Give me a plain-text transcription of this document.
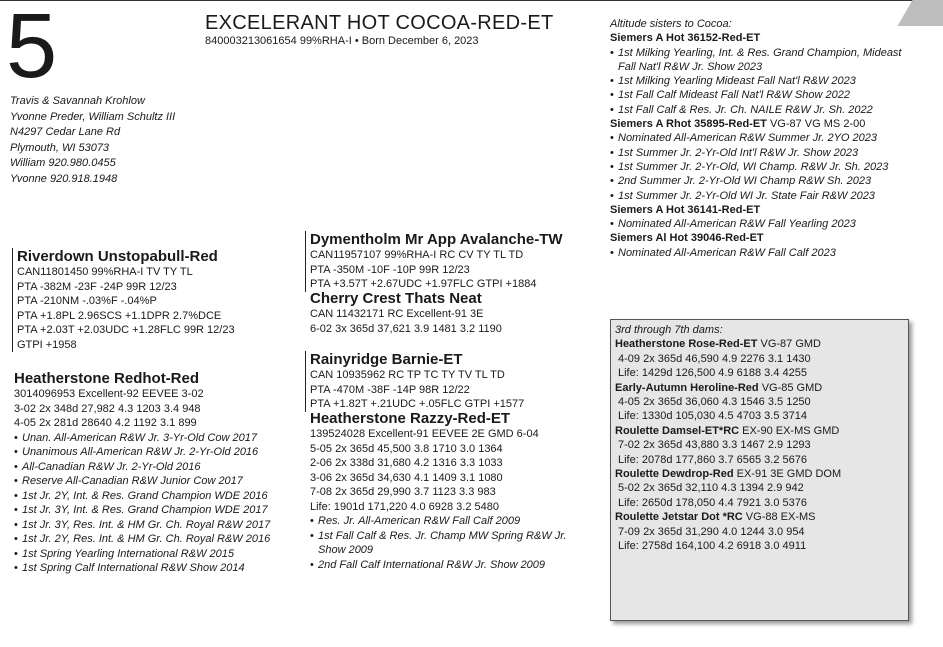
5	EXCELERANT HOT COCOA-RED-ET
840003213061654 99%RHA-I • Born December 6, 2023
Travis & Savannah Krohlow
Yvonne Preder, William Schultz III
N4297 Cedar Lane Rd
Plymouth, WI 53073
William 920.980.0455
Yvonne 920.918.1948
Riverdown Unstopabull-Red
CAN11801450 99%RHA-I TV TY TL
PTA -382M -23F -24P 99R 12/23
PTA -210NM -.03%F -.04%P
PTA +1.8PL 2.96SCS +1.1DPR 2.7%DCE
PTA +2.03T +2.03UDC +1.28FLC 99R 12/23
GTPI +1958
Heatherstone Redhot-Red
3014096953 Excellent-92 EEVEE 3-02
3-02 2x 348d 27,982 4.3 1203 3.4 948
4-05 2x 281d 28640 4.2 1192 3.1 899
• Unan. All-American R&W Jr. 3-Yr-Old Cow 2017
• Unanimous All-American R&W Jr. 2-Yr-Old 2016
• All-Canadian R&W Jr. 2-Yr-Old 2016
• Reserve All-Canadian R&W Junior Cow 2017
• 1st Jr. 2Y, Int. & Res. Grand Champion WDE 2016
• 1st Jr. 3Y, Int. & Res. Grand Champion WDE 2017
• 1st Jr. 3Y, Res. Int. & HM Gr. Ch. Royal R&W 2017
• 1st Jr. 2Y, Res. Int. & HM Gr. Ch. Royal R&W 2016
• 1st Spring Yearling International R&W 2015
• 1st Spring Calf International R&W Show 2014
Dymentholm Mr App Avalanche-TW
CAN11957107 99%RHA-I RC CV TY TL TD
PTA -350M -10F -10P 99R 12/23
PTA +3.57T +2.67UDC +1.97FLC GTPI +1884
Cherry Crest Thats Neat
CAN 11432171 RC Excellent-91 3E
6-02 3x 365d 37,621 3.9 1481 3.2 1190
Rainyridge Barnie-ET
CAN 10935962 RC TP TC TY TV TL TD
PTA -470M -38F -14P 98R 12/22
PTA +1.82T +.21UDC +.05FLC GTPI +1577
Heatherstone Razzy-Red-ET
139524028 Excellent-91 EEVEE 2E GMD 6-04
5-05 2x 365d 45,500 3.8 1710 3.0 1364
2-06 2x 338d 31,680 4.2 1316 3.3 1033
3-06 2x 365d 34,630 4.1 1409 3.1 1080
7-08 2x 365d 29,990 3.7 1123 3.3 983
Life: 1901d 171,220 4.0 6928 3.2 5480
• Res. Jr. All-American R&W Fall Calf 2009
• 1st Fall Calf & Res. Jr. Champ MW Spring R&W Jr. Show 2009
• 2nd Fall Calf International R&W Jr. Show 2009
Altitude sisters to Cocoa:
Siemers A Hot 36152-Red-ET
• 1st Milking Yearling, Int. & Res. Grand Champion, Mideast Fall Nat'l R&W Jr. Show 2023
• 1st Milking Yearling Mideast Fall Nat'l R&W 2023
• 1st Fall Calf Mideast Fall Nat'l R&W Show 2022
• 1st Fall Calf & Res. Jr. Ch. NAILE R&W Jr. Sh. 2022
Siemers A Rhot 35895-Red-ET VG-87 VG MS 2-00
• Nominated All-American R&W Summer Jr. 2YO 2023
• 1st Summer Jr. 2-Yr-Old Int'l R&W Jr. Show 2023
• 1st Summer Jr. 2-Yr-Old, WI Champ. R&W Jr. Sh. 2023
• 2nd Summer Jr. 2-Yr-Old WI Champ R&W Sh. 2023
• 1st Summer Jr. 2-Yr-Old WI Jr. State Fair R&W 2023
Siemers A Hot 36141-Red-ET
• Nominated All-American R&W Fall Yearling 2023
Siemers Al Hot 39046-Red-ET
• Nominated All-American R&W Fall Calf 2023
3rd through 7th dams:
Heatherstone Rose-Red-ET VG-87 GMD
4-09 2x 365d 46,590 4.9 2276 3.1 1430
Life: 1429d 126,500 4.9 6188 3.4 4255
Early-Autumn Heroline-Red VG-85 GMD
4-05 2x 365d 36,060 4.3 1546 3.5 1250
Life: 1330d 105,030 4.5 4703 3.5 3714
Roulette Damsel-ET*RC EX-90 EX-MS GMD
7-02 2x 365d 43,880 3.3 1467 2.9 1293
Life: 2078d 177,860 3.7 6565 3.2 5676
Roulette Dewdrop-Red EX-91 3E GMD DOM
5-02 2x 365d 32,110 4.3 1394 2.9 942
Life: 2650d 178,050 4.4 7921 3.0 5376
Roulette Jetstar Dot *RC VG-88 EX-MS
7-09 2x 365d 31,290 4.0 1244 3.0 954
Life: 2758d 164,100 4.2 6918 3.0 4911
